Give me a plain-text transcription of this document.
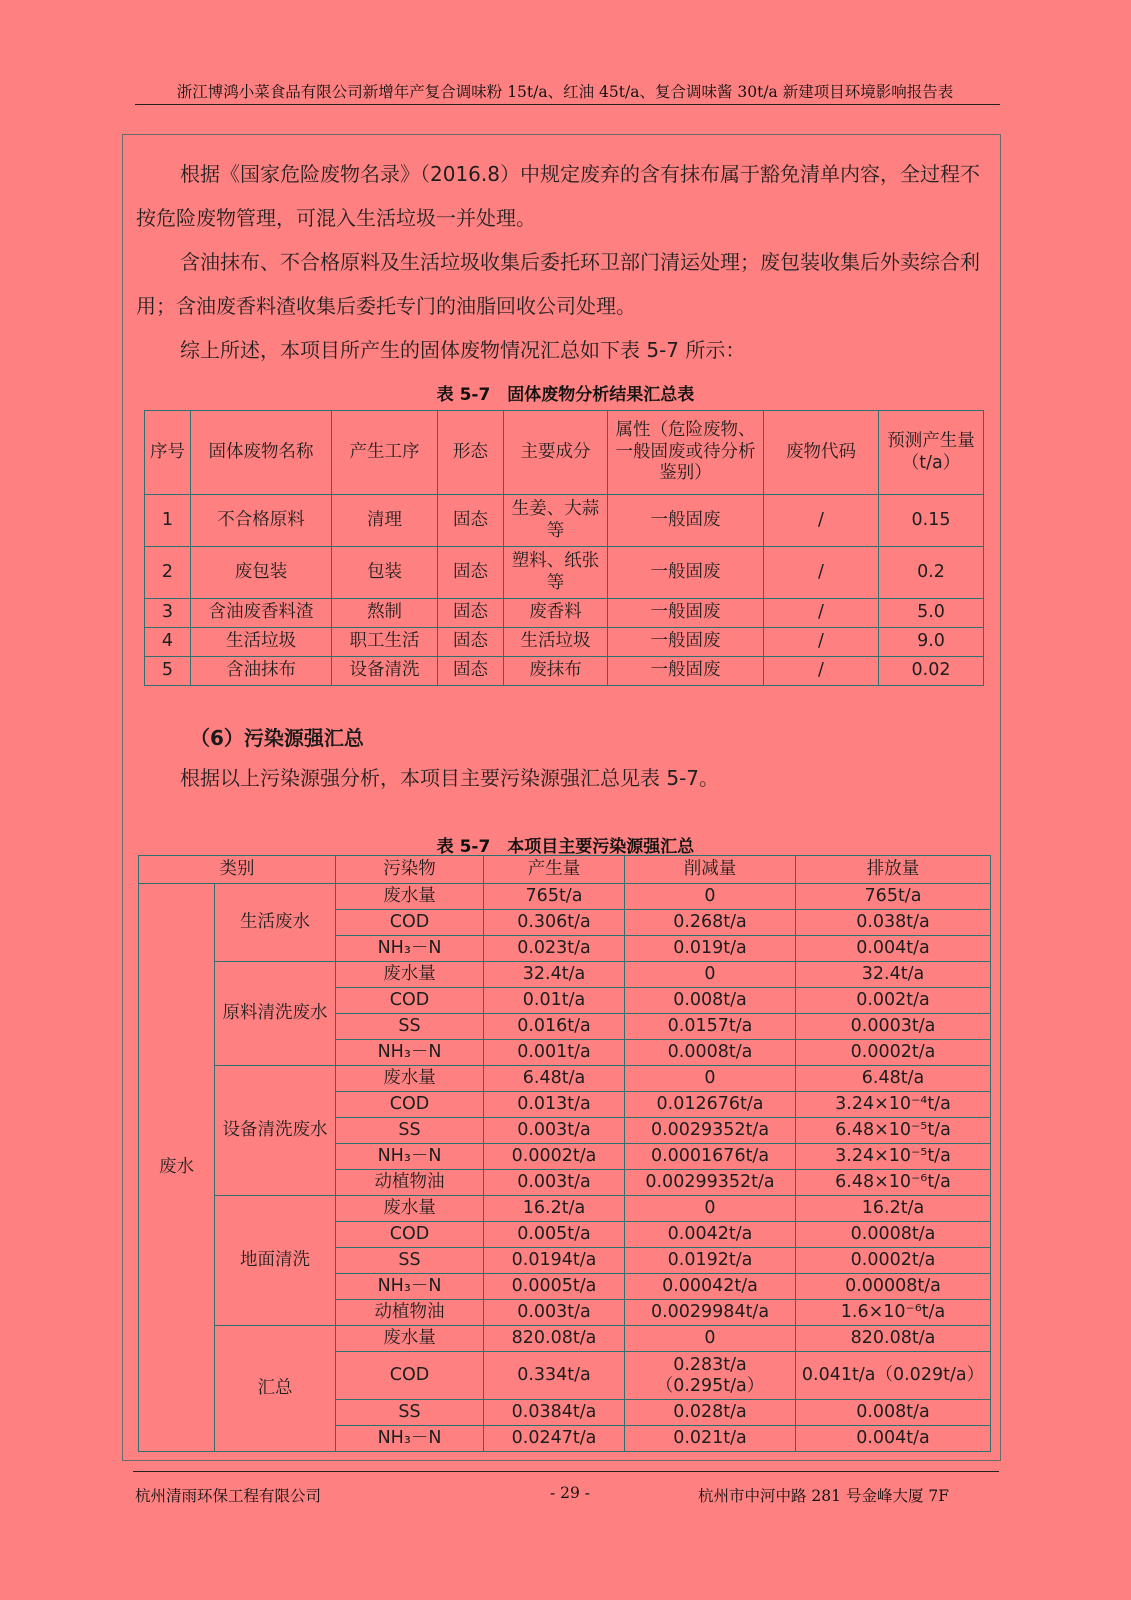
浙江博鸿小菜食品有限公司新增年产复合调味粉 15t/a、红油 45t/a、复合调味酱 30t/a 新建项目环境影响报告表
根据《国家危险废物名录》（2016.8）中规定废弃的含有抹布属于豁免清单内容，全过程不按危险废物管理，可混入生活垃圾一并处理。
含油抹布、不合格原料及生活垃圾收集后委托环卫部门清运处理；废包装收集后外卖综合利用；含油废香料渣收集后委托专门的油脂回收公司处理。
综上所述，本项目所产生的固体废物情况汇总如下表 5-7 所示：
表 5-7　固体废物分析结果汇总表
序号	固体废物名称	产生工序	形态	主要成分	属性（危险废物、一般固废或待分析鉴别）	废物代码	预测产生量（t/a）
1	不合格原料	清理	固态	生姜、大蒜等	一般固废	/	0.15
2	废包装	包装	固态	塑料、纸张等	一般固废	/	0.2
3	含油废香料渣	熬制	固态	废香料	一般固废	/	5.0
4	生活垃圾	职工生活	固态	生活垃圾	一般固废	/	9.0
5	含油抹布	设备清洗	固态	废抹布	一般固废	/	0.02
（6）污染源强汇总
根据以上污染源强分析，本项目主要污染源强汇总见表 5-7。
表 5-7　本项目主要污染源强汇总
类别		污染物	产生量	削减量	排放量
废水	生活废水	废水量	765t/a	0	765t/a
		COD	0.306t/a	0.268t/a	0.038t/a
		NH₃－N	0.023t/a	0.019t/a	0.004t/a
	原料清洗废水	废水量	32.4t/a	0	32.4t/a
		COD	0.01t/a	0.008t/a	0.002t/a
		SS	0.016t/a	0.0157t/a	0.0003t/a
		NH₃－N	0.001t/a	0.0008t/a	0.0002t/a
	设备清洗废水	废水量	6.48t/a	0	6.48t/a
		COD	0.013t/a	0.012676t/a	3.24×10⁻⁴t/a
		SS	0.003t/a	0.0029352t/a	6.48×10⁻⁵t/a
		NH₃－N	0.0002t/a	0.0001676t/a	3.24×10⁻⁵t/a
		动植物油	0.003t/a	0.00299352t/a	6.48×10⁻⁶t/a
	地面清洗	废水量	16.2t/a	0	16.2t/a
		COD	0.005t/a	0.0042t/a	0.0008t/a
		SS	0.0194t/a	0.0192t/a	0.0002t/a
		NH₃－N	0.0005t/a	0.00042t/a	0.00008t/a
		动植物油	0.003t/a	0.0029984t/a	1.6×10⁻⁶t/a
	汇总	废水量	820.08t/a	0	820.08t/a
		COD	0.334t/a	0.283t/a（0.295t/a）	0.041t/a（0.029t/a）
		SS	0.0384t/a	0.028t/a	0.008t/a
		NH₃－N	0.0247t/a	0.021t/a	0.004t/a
杭州清雨环保工程有限公司	- 29 -	杭州市中河中路 281 号金峰大厦 7F
